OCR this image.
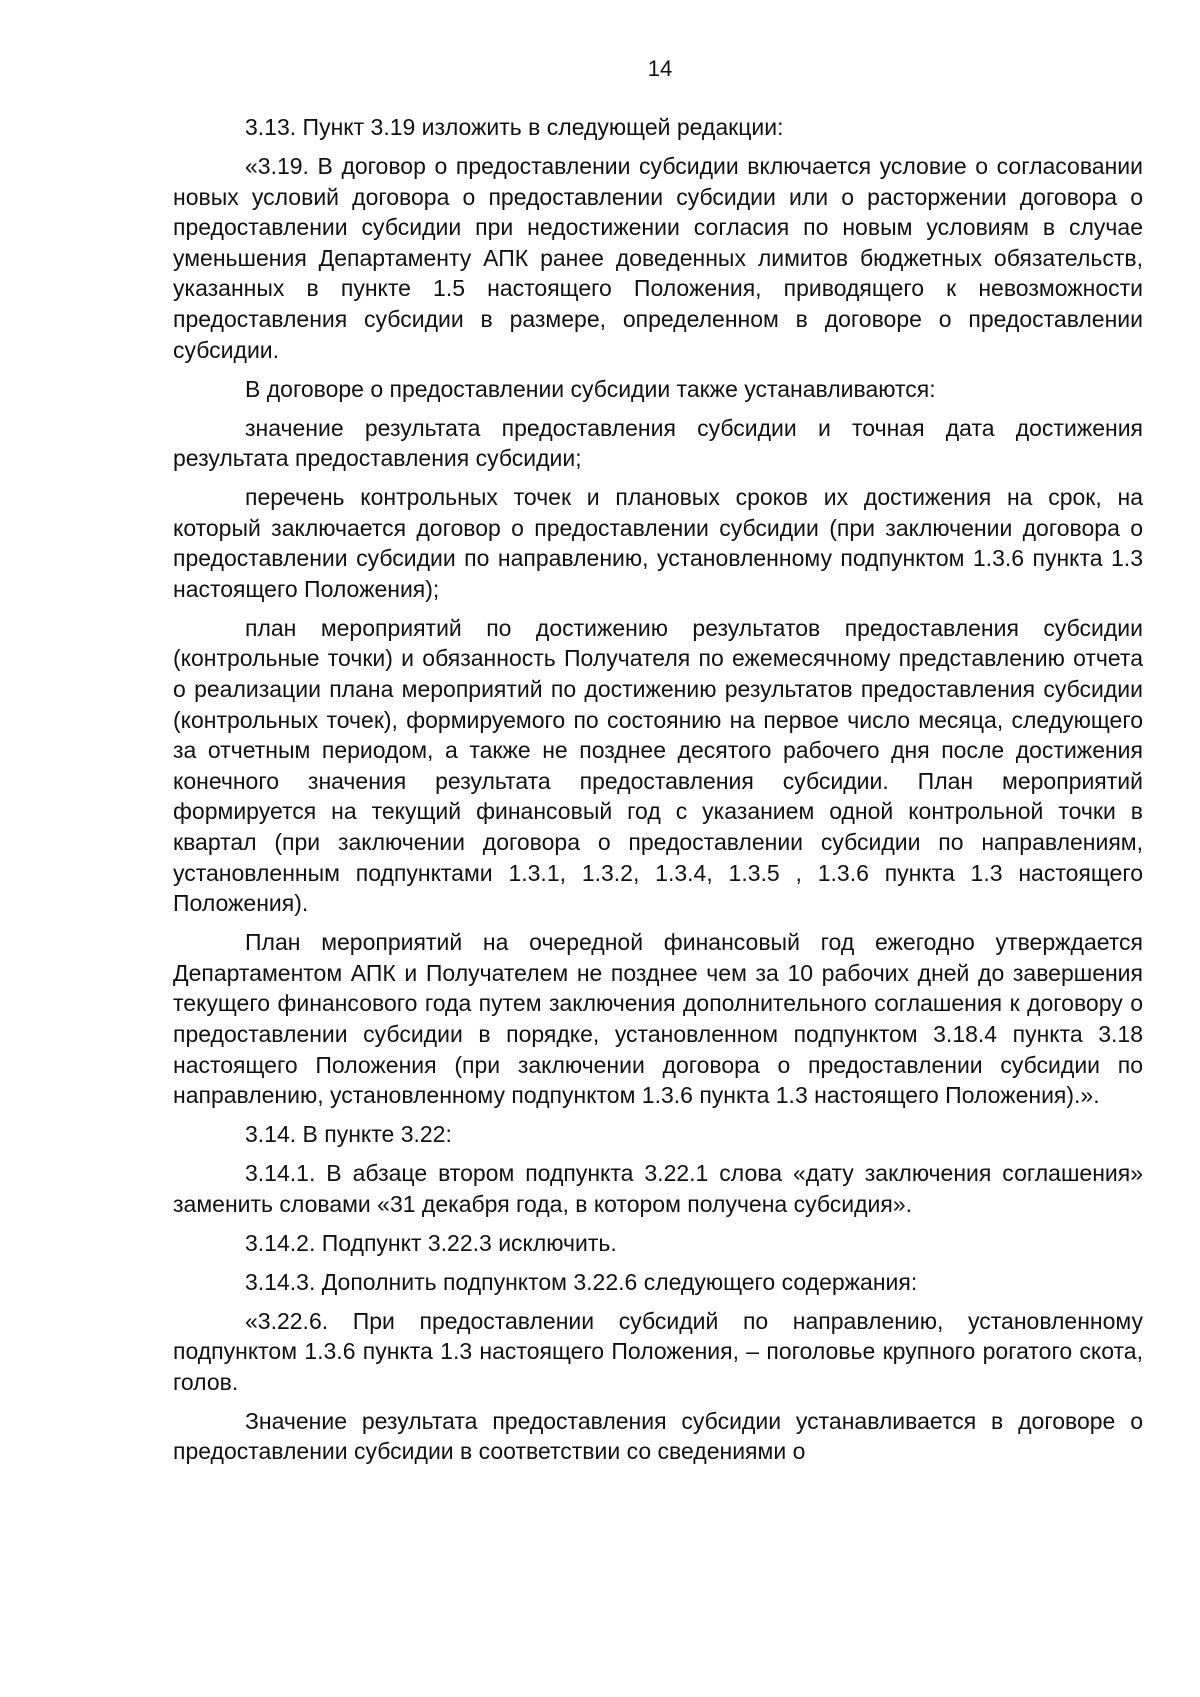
14

3.13. Пункт 3.19 изложить в следующей редакции:

«3.19. В договор о предоставлении субсидии включается условие о согласовании новых условий договора о предоставлении субсидии или о расторжении договора о предоставлении субсидии при недостижении согласия по новым условиям в случае уменьшения Департаменту АПК ранее доведенных лимитов бюджетных обязательств, указанных в пункте 1.5 настоящего Положения, приводящего к невозможности предоставления субсидии в размере, определенном в договоре о предоставлении субсидии.

В договоре о предоставлении субсидии также устанавливаются:

значение результата предоставления субсидии и точная дата достижения результата предоставления субсидии;

перечень контрольных точек и плановых сроков их достижения на срок, на который заключается договор о предоставлении субсидии (при заключении договора о предоставлении субсидии по направлению, установленному подпунктом 1.3.6 пункта 1.3 настоящего Положения);

план мероприятий по достижению результатов предоставления субсидии (контрольные точки) и обязанность Получателя по ежемесячному представлению отчета о реализации плана мероприятий по достижению результатов предоставления субсидии (контрольных точек), формируемого по состоянию на первое число месяца, следующего за отчетным периодом, а также не позднее десятого рабочего дня после достижения конечного значения результата предоставления субсидии. План мероприятий формируется на текущий финансовый год с указанием одной контрольной точки в квартал (при заключении договора о предоставлении субсидии по направлениям, установленным подпунктами 1.3.1, 1.3.2, 1.3.4, 1.3.5 , 1.3.6 пункта 1.3 настоящего Положения).

План мероприятий на очередной финансовый год ежегодно утверждается Департаментом АПК и Получателем не позднее чем за 10 рабочих дней до завершения текущего финансового года путем заключения дополнительного соглашения к договору о предоставлении субсидии в порядке, установленном подпунктом 3.18.4 пункта 3.18 настоящего Положения (при заключении договора о предоставлении субсидии по направлению, установленному подпунктом 1.3.6 пункта 1.3 настоящего Положения).».

3.14. В пункте 3.22:

3.14.1. В абзаце втором подпункта 3.22.1 слова «дату заключения соглашения» заменить словами «31 декабря года, в котором получена субсидия».

3.14.2. Подпункт 3.22.3 исключить.

3.14.3. Дополнить подпунктом 3.22.6 следующего содержания:

«3.22.6. При предоставлении субсидий по направлению, установленному подпунктом 1.3.6 пункта 1.3 настоящего Положения, – поголовье крупного рогатого скота, голов.

Значение результата предоставления субсидии устанавливается в договоре о предоставлении субсидии в соответствии со сведениями о
